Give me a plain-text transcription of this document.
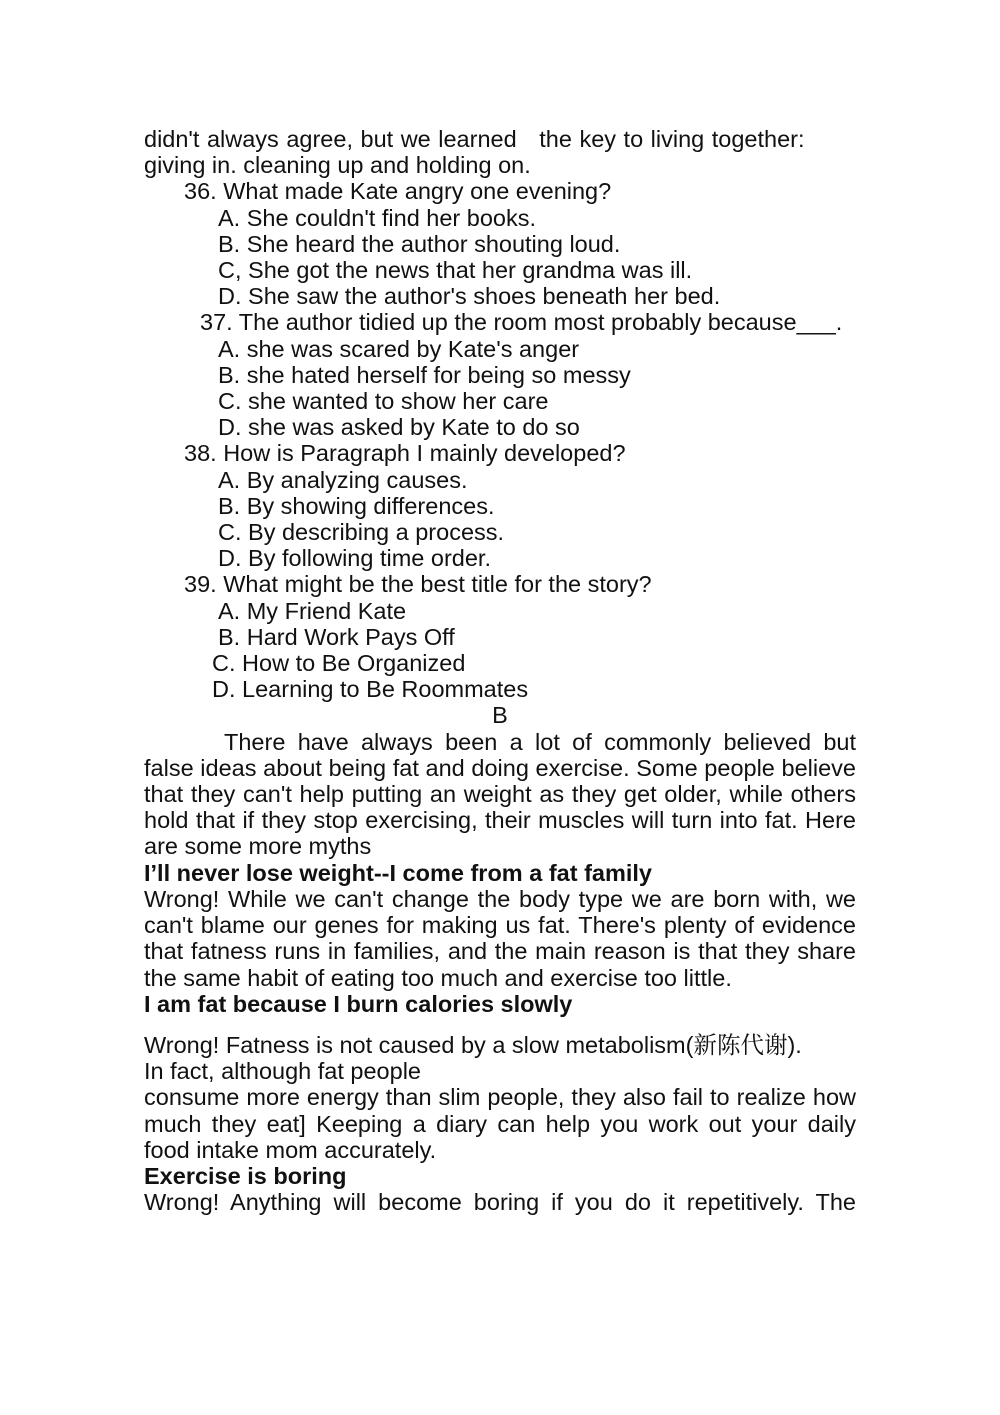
didn't always agree, but we learned   the key to living together:
giving in. cleaning up and holding on.

36. What made Kate angry one evening?
A. She couldn't find her books.
B. She heard the author shouting loud.
C, She got the news that her grandma was ill.
D. She saw the author's shoes beneath her bed.

37. The author tidied up the room most probably because___.

A. she was scared by Kate's anger
B. she hated herself for being so messy
C. she wanted to show her care
D. she was asked by Kate to do so
38. How is Paragraph I mainly developed?
A. By analyzing causes.
B. By showing differences.
C. By describing a process.
D. By following time order.
39. What might be the best title for the story?
A. My Friend Kate
B. Hard Work Pays Off
C. How to Be Organized
D. Learning to Be Roommates
B

There have always been a lot of commonly believed but false ideas about being fat and doing exercise. Some people believe that they can't help putting an weight as they get older, while others hold that if they stop exercising, their muscles will turn into fat. Here are some more myths

I’ll never lose weight--I come from a fat family

Wrong! While we can't change the body type we are born with, we can't blame our genes for making us fat. There's plenty of evidence that fatness runs in families, and the main reason is that they share the same habit of eating too much and exercise too little.

I am fat because I burn calories slowly

Wrong! Fatness is not caused by a slow metabolism(新陈代谢).

In fact, although fat people

consume more energy than slim people, they also fail to realize how much they eat] Keeping a diary can help you work out your daily food intake mom accurately.

Exercise is boring

Wrong! Anything will become boring if you do it repetitively. The
